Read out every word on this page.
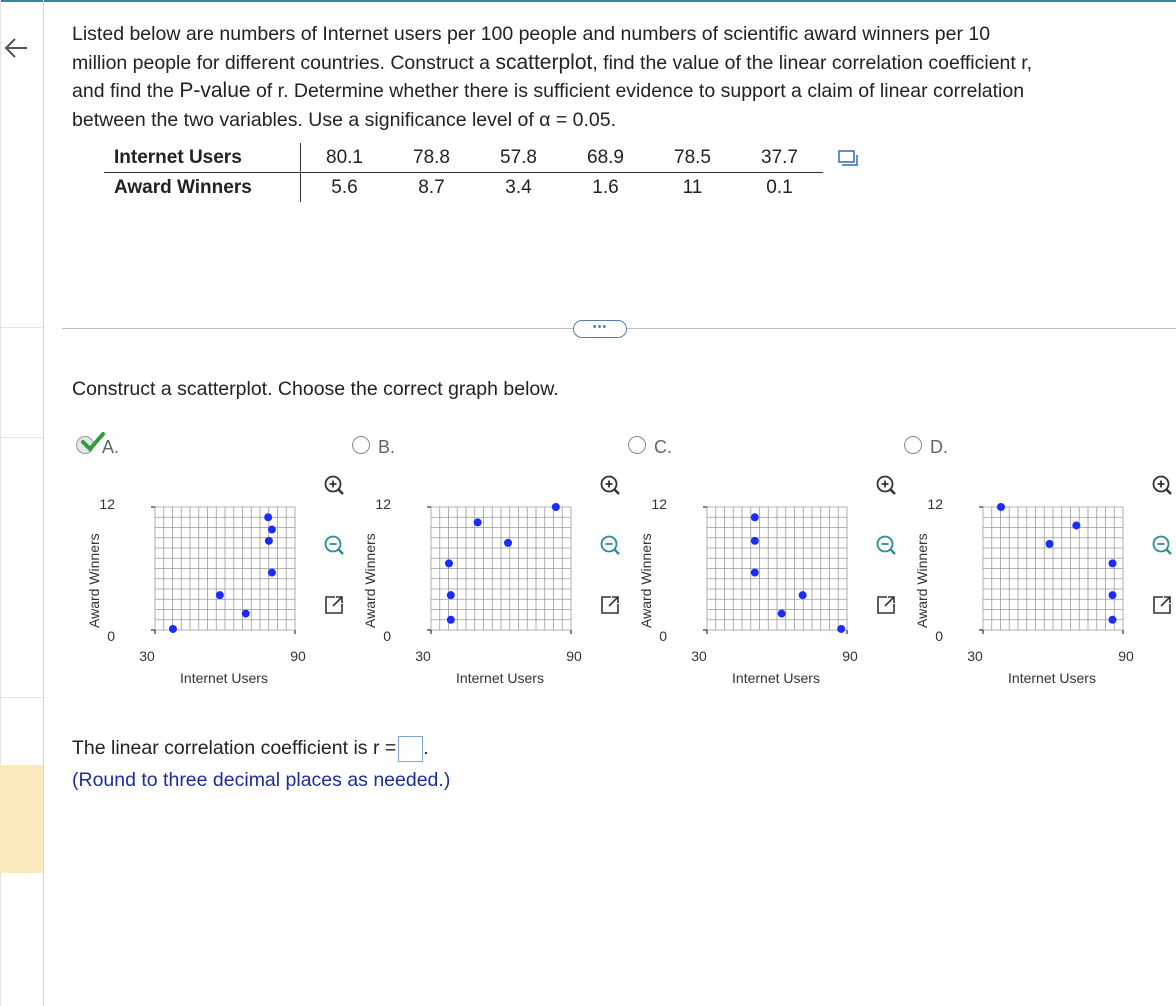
Listed below are numbers of Internet users per 100 people and numbers of scientific award winners per 10
million people for different countries. Construct a scatterplot, find the value of the linear correlation coefficient r,
and find the P-value of r. Determine whether there is sufficient evidence to support a claim of linear correlation
between the two variables. Use a significance level of α = 0.05.
Internet Users	80.1	78.8	57.8	68.9	78.5	37.7
Award Winners	5.6	8.7	3.4	1.6	11	0.1
•••
Construct a scatterplot. Choose the correct graph below.
A.
Award Winners
12
0
30	90
Internet Users
B.
Award Winners
12
0
30	90
Internet Users
C.
Award Winners
12
0
30	90
Internet Users
D.
Award Winners
12
0
30	90
Internet Users
The linear correlation coefficient is r = .
(Round to three decimal places as needed.)
